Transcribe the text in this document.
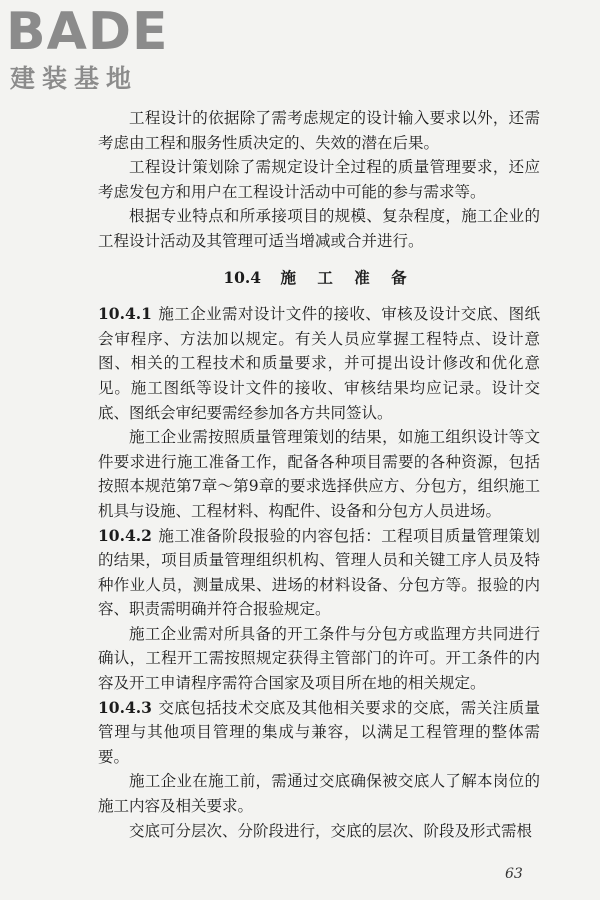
BADE
建装基地

工程设计的依据除了需考虑规定的设计输入要求以外，还需考虑由工程和服务性质决定的、失效的潜在后果。

工程设计策划除了需规定设计全过程的质量管理要求，还应考虑发包方和用户在工程设计活动中可能的参与需求等。

根据专业特点和所承接项目的规模、复杂程度，施工企业的工程设计活动及其管理可适当增减或合并进行。

10.4 施 工 准 备

10.4.1 施工企业需对设计文件的接收、审核及设计交底、图纸会审程序、方法加以规定。有关人员应掌握工程特点、设计意图、相关的工程技术和质量要求，并可提出设计修改和优化意见。施工图纸等设计文件的接收、审核结果均应记录。设计交底、图纸会审纪要需经参加各方共同签认。

施工企业需按照质量管理策划的结果，如施工组织设计等文件要求进行施工准备工作，配备各种项目需要的各种资源，包括按照本规范第7章～第9章的要求选择供应方、分包方，组织施工机具与设施、工程材料、构配件、设备和分包方人员进场。

10.4.2 施工准备阶段报验的内容包括：工程项目质量管理策划的结果，项目质量管理组织机构、管理人员和关键工序人员及特种作业人员，测量成果、进场的材料设备、分包方等。报验的内容、职责需明确并符合报验规定。

施工企业需对所具备的开工条件与分包方或监理方共同进行确认，工程开工需按照规定获得主管部门的许可。开工条件的内容及开工申请程序需符合国家及项目所在地的相关规定。

10.4.3 交底包括技术交底及其他相关要求的交底，需关注质量管理与其他项目管理的集成与兼容，以满足工程管理的整体需要。

施工企业在施工前，需通过交底确保被交底人了解本岗位的施工内容及相关要求。

交底可分层次、分阶段进行，交底的层次、阶段及形式需根

63
